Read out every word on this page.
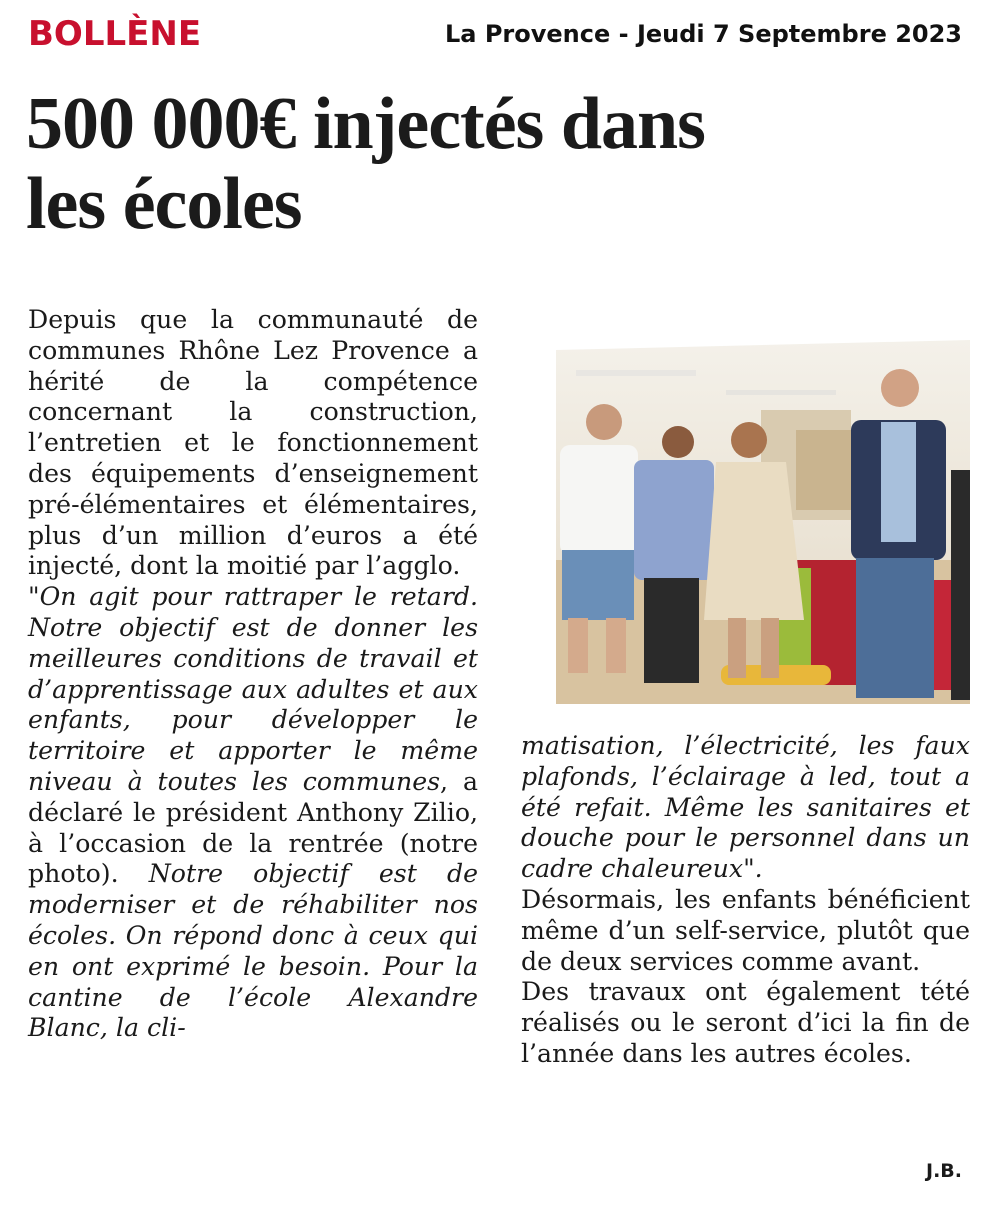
BOLLÈNE	La Provence - Jeudi 7 Septembre 2023
500 000€ injectés dans les écoles

Depuis que la communauté de communes Rhône Lez Provence a hérité de la compétence concernant la construction, l’entretien et le fonctionnement des équipements d’enseignement pré-élémentaires et élémentaires, plus d’un million d’euros a été injecté, dont la moitié par l’agglo.

"On agit pour rattraper le retard. Notre objectif est de donner les meilleures conditions de travail et d’apprentissage aux adultes et aux enfants, pour développer le territoire et apporter le même niveau à toutes les communes, a déclaré le président Anthony Zilio, à l’occasion de la rentrée (notre photo). Notre objectif est de moderniser et de réhabiliter nos écoles. On répond donc à ceux qui en ont exprimé le besoin. Pour la cantine de l’école Alexandre Blanc, la cli-

matisation, l’électricité, les faux plafonds, l’éclairage à led, tout a été refait. Même les sanitaires et douche pour le personnel dans un cadre chaleureux".

Désormais, les enfants bénéficient même d’un self-service, plutôt que de deux services comme avant.

Des travaux ont également tété réalisés ou le seront d’ici la fin de l’année dans les autres écoles.

J.B.
